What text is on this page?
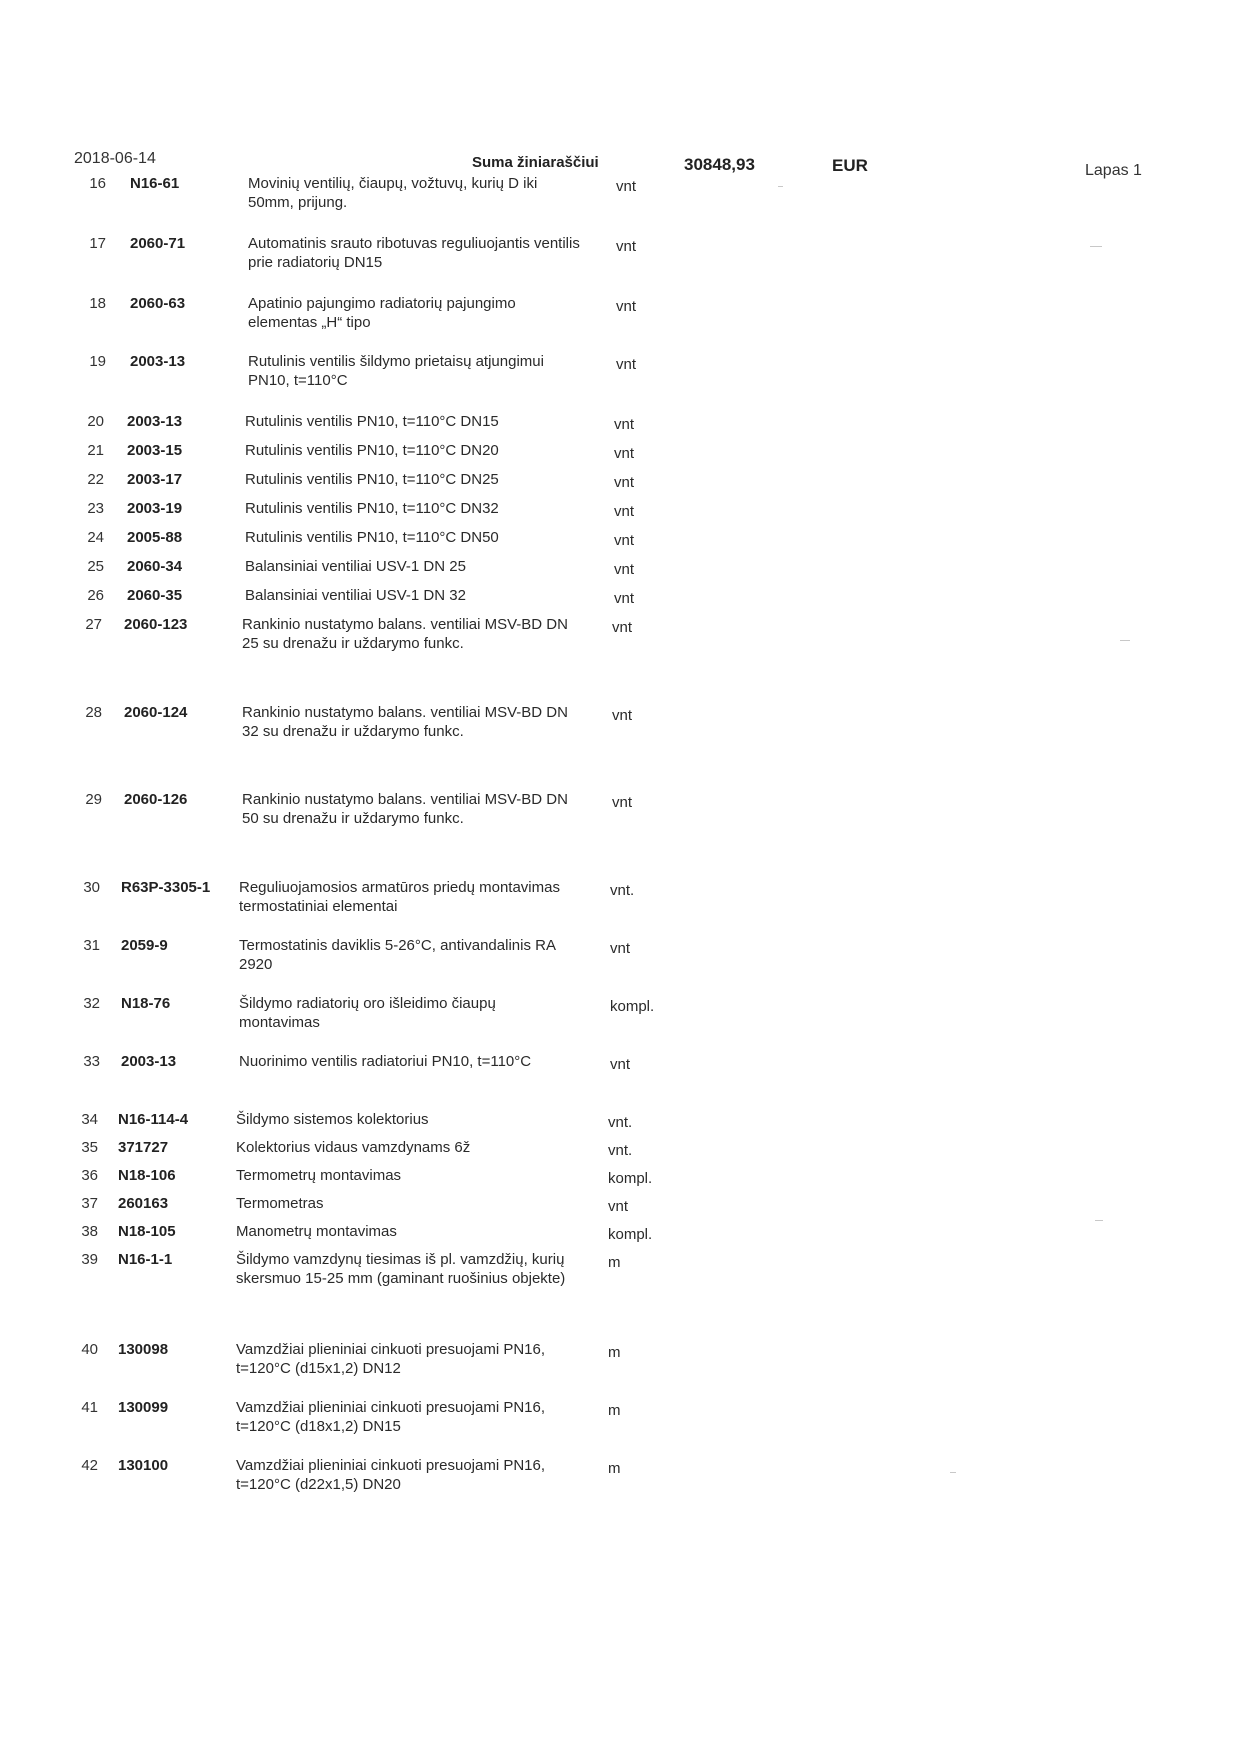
2018-06-14	Suma žiniaraščiui	30848,93	EUR	Lapas 1
16 N16-61	Movinių ventilių, čiaupų, vožtuvų, kurių D iki
50mm, prijung.
vnt
17 2060-71	Automatinis srauto ribotuvas reguliuojantis ventilis
prie radiatorių DN15
vnt
18 2060-63	Apatinio pajungimo radiatorių pajungimo
elementas „H“ tipo
vnt
19 2003-13	Rutulinis ventilis šildymo prietaisų atjungimui
PN10, t=110°C
vnt
20 2003-13	Rutulinis ventilis PN10, t=110°C DN15	vnt
21 2003-15	Rutulinis ventilis PN10, t=110°C DN20	vnt
22 2003-17	Rutulinis ventilis PN10, t=110°C DN25	vnt
23 2003-19	Rutulinis ventilis PN10, t=110°C DN32	vnt
24 2005-88	Rutulinis ventilis PN10, t=110°C DN50	vnt
25 2060-34	Balansiniai ventiliai USV-1 DN 25	vnt
26 2060-35	Balansiniai ventiliai USV-1 DN 32	vnt
27 2060-123	Rankinio nustatymo balans. ventiliai MSV-BD DN
25 su drenažu ir uždarymo funkc.
vnt
28 2060-124	Rankinio nustatymo balans. ventiliai MSV-BD DN
32 su drenažu ir uždarymo funkc.
vnt
29 2060-126	Rankinio nustatymo balans. ventiliai MSV-BD DN
50 su drenažu ir uždarymo funkc.
vnt
30 R63P-3305-1 Reguliuojamosios armatūros priedų montavimas
termostatiniai elementai
vnt.
31 2059-9	Termostatinis daviklis 5-26°C, antivandalinis RA
2920
vnt
32 N18-76	Šildymo radiatorių oro išleidimo čiaupų
montavimas
kompl.
33 2003-13	Nuorinimo ventilis radiatoriui PN10, t=110°C	vnt
34 N16-114-4	Šildymo sistemos kolektorius	vnt.
35 371727	Kolektorius vidaus vamzdynams 6ž	vnt.
36 N18-106	Termometrų montavimas	kompl.
37 260163	Termometras	vnt
38 N18-105	Manometrų montavimas	kompl.
39 N16-1-1	Šildymo vamzdynų tiesimas iš pl. vamzdžių, kurių
skersmuo 15-25 mm (gaminant ruošinius objekte)
m
40 130098	Vamzdžiai plieniniai cinkuoti presuojami PN16,
t=120°C (d15x1,2) DN12
m
41 130099	Vamzdžiai plieniniai cinkuoti presuojami PN16,
t=120°C (d18x1,2) DN15
m
42 130100	Vamzdžiai plieniniai cinkuoti presuojami PN16,
t=120°C (d22x1,5) DN20
m
